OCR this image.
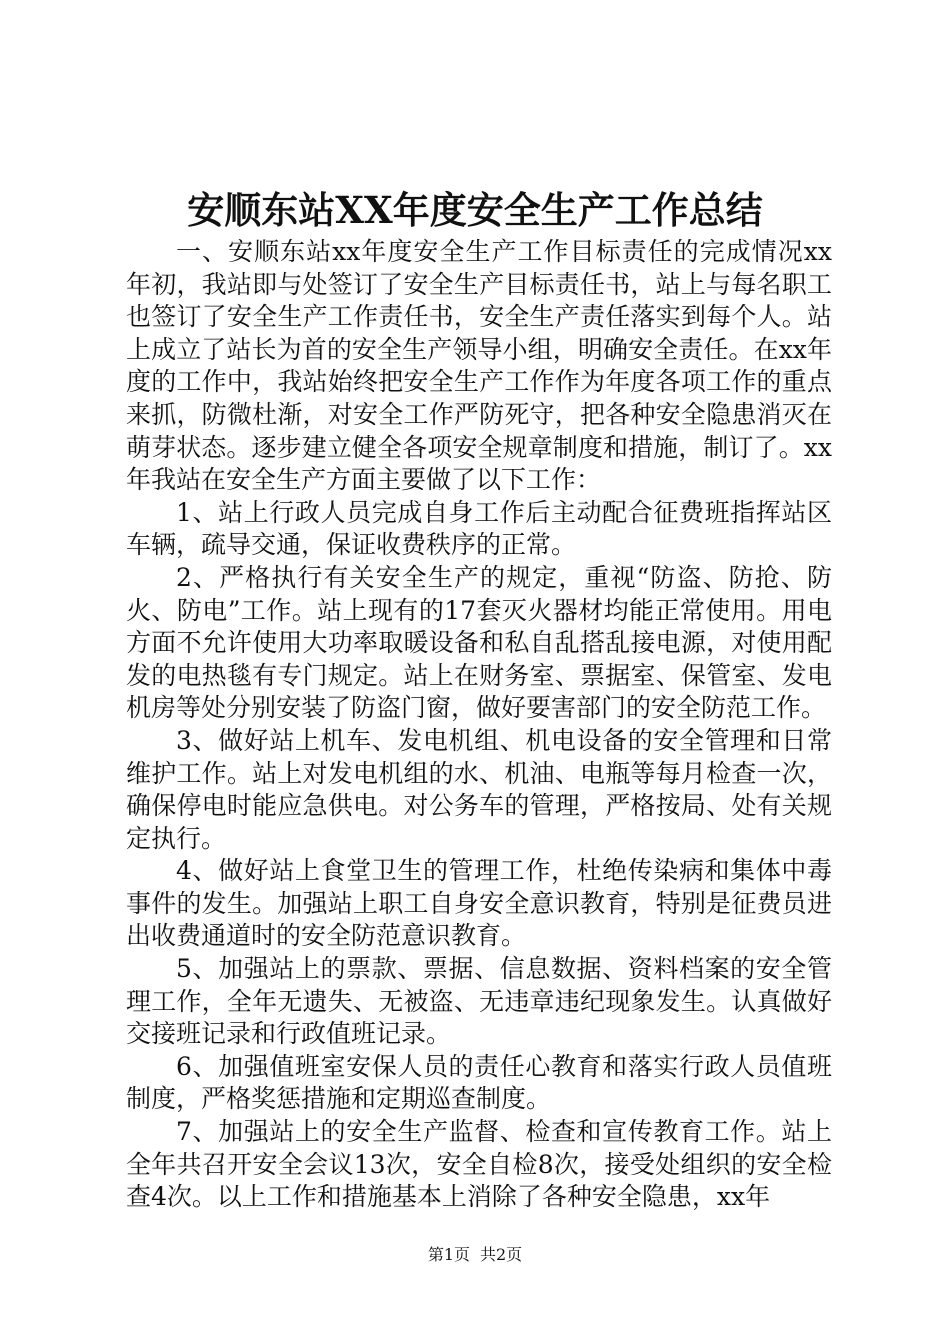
安顺东站XX年度安全生产工作总结

一、安顺东站xx年度安全生产工作目标责任的完成情况xx年初，我站即与处签订了安全生产目标责任书，站上与每名职工也签订了安全生产工作责任书，安全生产责任落实到每个人。站上成立了站长为首的安全生产领导小组，明确安全责任。在xx年度的工作中，我站始终把安全生产工作作为年度各项工作的重点来抓，防微杜渐，对安全工作严防死守，把各种安全隐患消灭在萌芽状态。逐步建立健全各项安全规章制度和措施，制订了。xx年我站在安全生产方面主要做了以下工作：

1、站上行政人员完成自身工作后主动配合征费班指挥站区车辆，疏导交通，保证收费秩序的正常。

2、严格执行有关安全生产的规定，重视“防盗、防抢、防火、防电”工作。站上现有的17套灭火器材均能正常使用。用电方面不允许使用大功率取暖设备和私自乱搭乱接电源，对使用配发的电热毯有专门规定。站上在财务室、票据室、保管室、发电机房等处分别安装了防盗门窗，做好要害部门的安全防范工作。

3、做好站上机车、发电机组、机电设备的安全管理和日常维护工作。站上对发电机组的水、机油、电瓶等每月检查一次，确保停电时能应急供电。对公务车的管理，严格按局、处有关规定执行。

4、做好站上食堂卫生的管理工作，杜绝传染病和集体中毒事件的发生。加强站上职工自身安全意识教育，特别是征费员进出收费通道时的安全防范意识教育。

5、加强站上的票款、票据、信息数据、资料档案的安全管理工作，全年无遗失、无被盗、无违章违纪现象发生。认真做好交接班记录和行政值班记录。

6、加强值班室安保人员的责任心教育和落实行政人员值班制度，严格奖惩措施和定期巡查制度。

7、加强站上的安全生产监督、检查和宣传教育工作。站上全年共召开安全会议13次，安全自检8次，接受处组织的安全检查4次。以上工作和措施基本上消除了各种安全隐患，xx年

第1页 共2页
